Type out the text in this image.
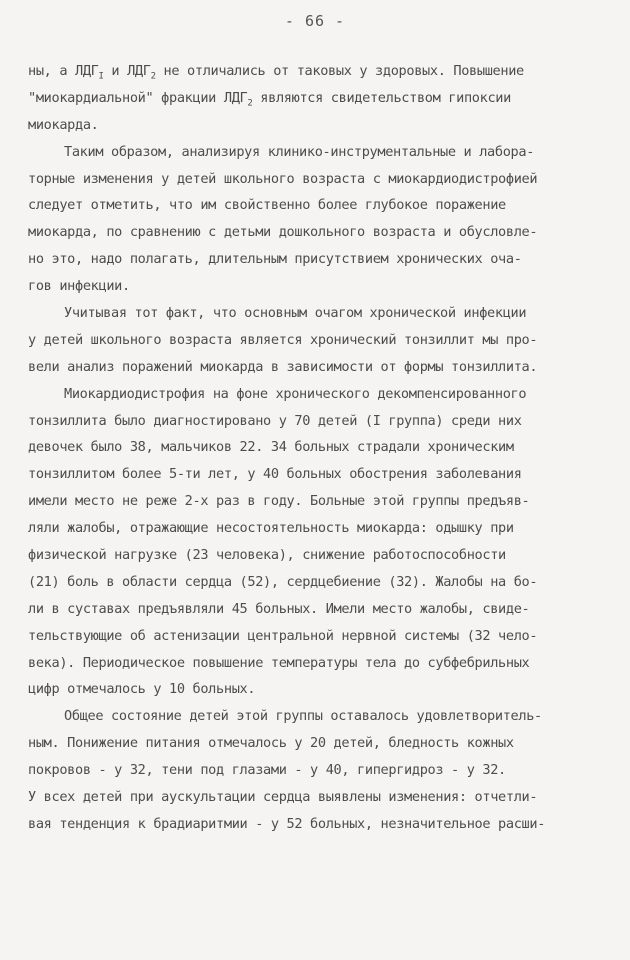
- 66 -
ны, а $ЛДГ_I$ и $ЛДГ_2$ не отличались от таковых у здоровых. Повышение
"миокардиальной" фракции $ЛДГ_2$ являются свидетельством гипоксии
миокарда.
Таким образом, анализируя клинико-инструментальные и лабора-
торные изменения у детей школьного возраста с миокардиодистрофией
следует отметить, что им свойственно более глубокое поражение
миокарда, по сравнению с детьми дошкольного возраста и обусловле-
но это, надо полагать, длительным присутствием хронических оча-
гов инфекции.
Учитывая тот факт, что основным очагом хронической инфекции
у детей школьного возраста является хронический тонзиллит мы про-
вели анализ поражений миокарда в зависимости от формы тонзиллита.
Миокардиодистрофия на фоне хронического декомпенсированного
тонзиллита было диагностировано у 70 детей (I группа) среди них
девочек было 38, мальчиков 22. 34 больных страдали хроническим
тонзиллитом более 5-ти лет, у 40 больных обострения заболевания
имели место не реже 2-х раз в году. Больные этой группы предъяв-
ляли жалобы, отражающие несостоятельность миокарда: одышку при
физической нагрузке (23 человека), снижение работоспособности
(21) боль в области сердца (52), сердцебиение (32). Жалобы на бо-
ли в суставах предъявляли 45 больных. Имели место жалобы, свиде-
тельствующие об астенизации центральной нервной системы (32 чело-
века). Периодическое повышение температуры тела до субфебрильных
цифр отмечалось у 10 больных.
Общее состояние детей этой группы оставалось удовлетворитель-
ным. Понижение питания отмечалось у 20 детей, бледность кожных
покровов - у 32, тени под глазами - у 40, гипергидроз - у 32.
У всех детей при аускультации сердца выявлены изменения: отчетли-
вая тенденция к брадиаритмии - у 52 больных, незначительное расши-
